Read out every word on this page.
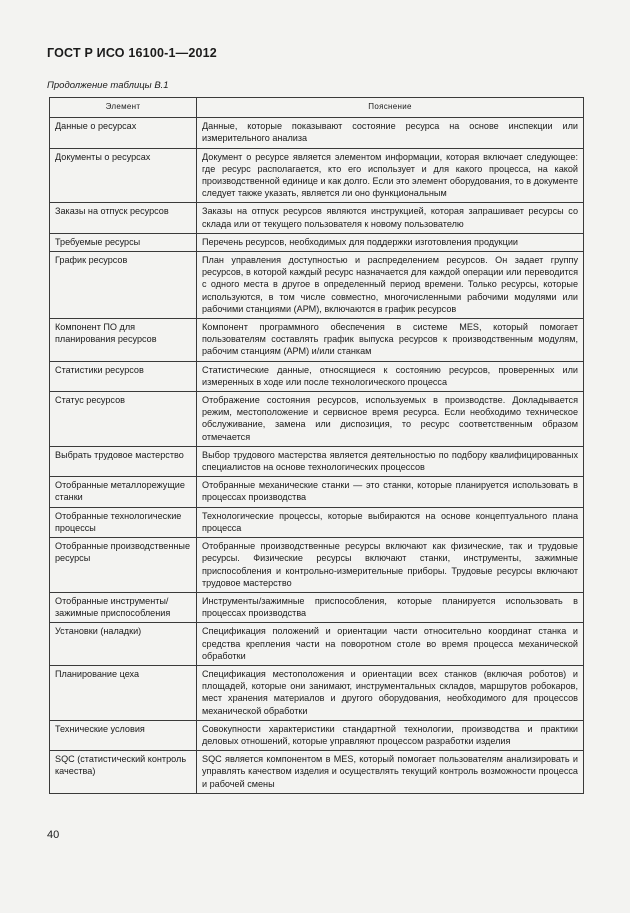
ГОСТ Р ИСО 16100-1—2012
Продолжение таблицы В.1
Элемент	Пояснение
Данные о ресурсах	Данные, которые показывают состояние ресурса на основе инспекции или измерительного анализа
Документы о ресурсах	Документ о ресурсе является элементом информации, которая включает следующее: где ресурс располагается, кто его использует и для какого процесса, на какой производственной единице и как долго. Если это элемент оборудования, то в документе следует также указать, является ли оно функциональным
Заказы на отпуск ресурсов	Заказы на отпуск ресурсов являются инструкцией, которая запрашивает ресурсы со склада или от текущего пользователя к новому пользователю
Требуемые ресурсы	Перечень ресурсов, необходимых для поддержки изготовления продукции
График ресурсов	План управления доступностью и распределением ресурсов. Он задает группу ресурсов, в которой каждый ресурс назначается для каждой операции или переводится с одного места в другое в определенный период времени. Только ресурсы, которые используются, в том числе совместно, многочисленными рабочими модулями или рабочими станциями (АРМ), включаются в график ресурсов
Компонент ПО для планирования ресурсов	Компонент программного обеспечения в системе MES, который помогает пользователям составлять график выпуска ресурсов к производственным модулям, рабочим станциям (АРМ) и/или станкам
Статистики ресурсов	Статистические данные, относящиеся к состоянию ресурсов, проверенных или измеренных в ходе или после технологического процесса
Статус ресурсов	Отображение состояния ресурсов, используемых в производстве. Докладывается режим, местоположение и сервисное время ресурса. Если необходимо техническое обслуживание, замена или диспозиция, то ресурс соответственным образом отмечается
Выбрать трудовое мастерство	Выбор трудового мастерства является деятельностью по подбору квалифицированных специалистов на основе технологических процессов
Отобранные металлорежущие станки	Отобранные механические станки — это станки, которые планируется использовать в процессах производства
Отобранные технологические процессы	Технологические процессы, которые выбираются на основе концептуального плана процесса
Отобранные производственные ресурсы	Отобранные производственные ресурсы включают как физические, так и трудовые ресурсы. Физические ресурсы включают станки, инструменты, зажимные приспособления и контрольно-измерительные приборы. Трудовые ресурсы включают трудовое мастерство
Отобранные инструменты/ зажимные приспособления	Инструменты/зажимные приспособления, которые планируется использовать в процессах производства
Установки (наладки)	Спецификация положений и ориентации части относительно координат станка и средства крепления части на поворотном столе во время процесса механической обработки
Планирование цеха	Спецификация местоположения и ориентации всех станков (включая роботов) и площадей, которые они занимают, инструментальных складов, маршрутов робокаров, мест хранения материалов и другого оборудования, необходимого для процессов механической обработки
Технические условия	Совокупности характеристики стандартной технологии, производства и практики деловых отношений, которые управляют процессом разработки изделия
SQC (статистический контроль качества)	SQC является компонентом в MES, который помогает пользователям анализировать и управлять качеством изделия и осуществлять текущий контроль возможности процесса и рабочей смены
40
